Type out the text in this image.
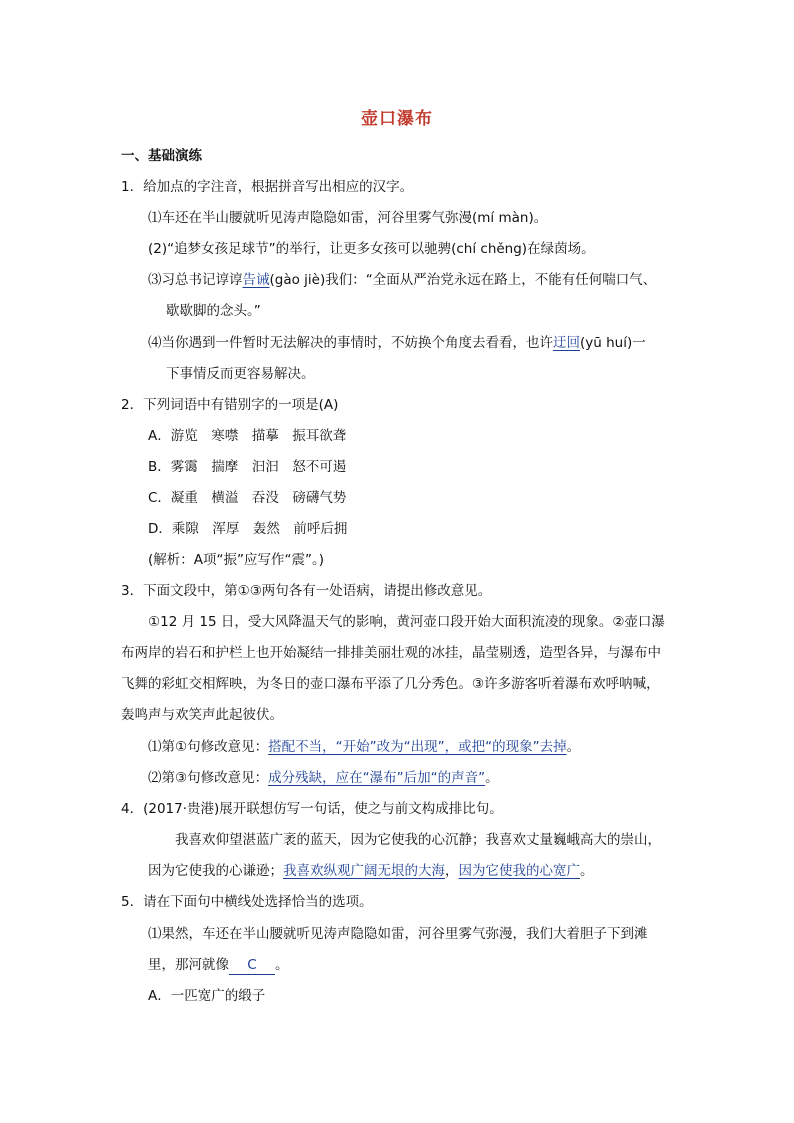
壶口瀑布
一、基础演练
1．给加点的字注音，根据拼音写出相应的汉字。
⑴车还在半山腰就听见涛声隐隐如雷，河谷里雾气弥漫(mí màn)。
(2)“追梦女孩足球节”的举行，让更多女孩可以驰骋(chí chěng)在绿茵场。
⑶习总书记谆谆告诫(gào jiè)我们：“全面从严治党永远在路上，不能有任何喘口气、
歇歇脚的念头。”
⑷当你遇到一件暂时无法解决的事情时，不妨换个角度去看看，也许迂回(yū huí)一
下事情反而更容易解决。
2．下列词语中有错别字的一项是(A)
A．游览　寒噤　描摹　振耳欲聋
B．雾霭　揣摩　汩汩　怒不可遏
C．凝重　横溢　吞没　磅礴气势
D．乘隙　浑厚　轰然　前呼后拥
(解析：A项“振”应写作“震”。)
3．下面文段中，第①③两句各有一处语病，请提出修改意见。
①12 月 15 日，受大风降温天气的影响，黄河壶口段开始大面积流凌的现象。②壶口瀑
布两岸的岩石和护栏上也开始凝结一排排美丽壮观的冰挂，晶莹剔透，造型各异，与瀑布中
飞舞的彩虹交相辉映，为冬日的壶口瀑布平添了几分秀色。③许多游客听着瀑布欢呼呐喊，
轰鸣声与欢笑声此起彼伏。
⑴第①句修改意见：搭配不当，“开始”改为“出现”，或把“的现象”去掉。
⑵第③句修改意见：成分残缺，应在“瀑布”后加“的声音”。
4．(2017·贵港)展开联想仿写一句话，使之与前文构成排比句。
我喜欢仰望湛蓝广袤的蓝天，因为它使我的心沉静；我喜欢丈量巍峨高大的崇山，
因为它使我的心谦逊；我喜欢纵观广阔无垠的大海，因为它使我的心宽广。
5．请在下面句中横线处选择恰当的选项。
⑴果然，车还在半山腰就听见涛声隐隐如雷，河谷里雾气弥漫，我们大着胆子下到滩
里，那河就像 C 。
A．一匹宽广的缎子
